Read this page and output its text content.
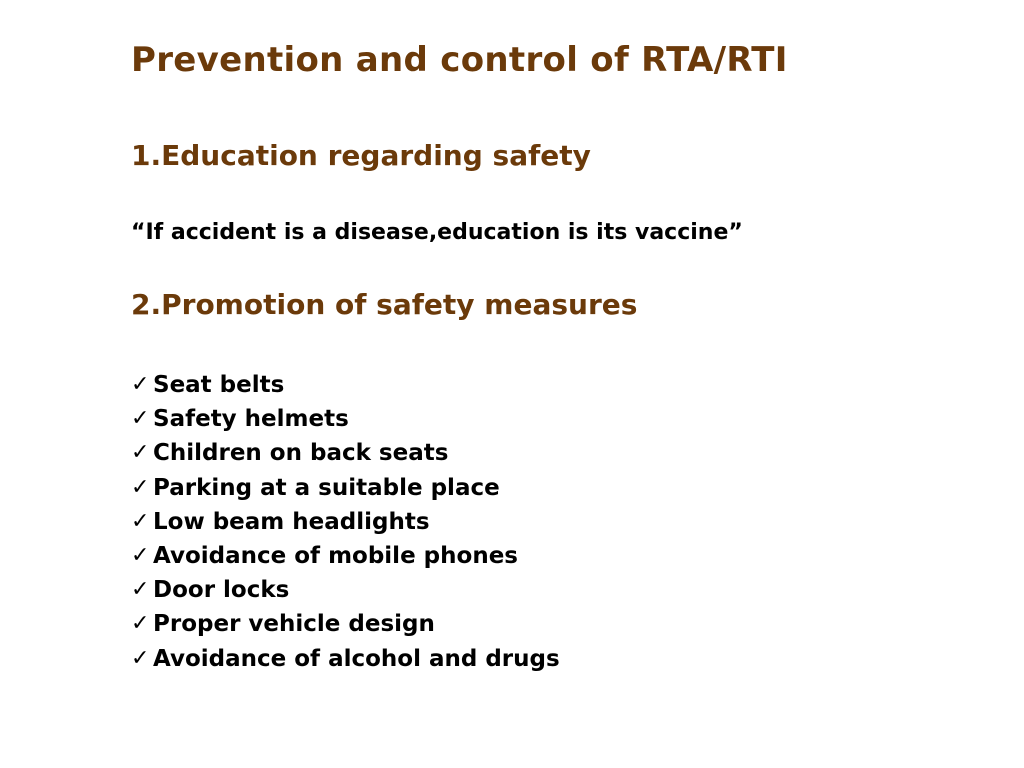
Prevention and control of RTA/RTI
1.Education regarding safety

“If accident is a disease,education is its vaccine”

2.Promotion of safety measures
✓ Seat belts
✓ Safety helmets
✓ Children on back seats
✓ Parking at a suitable place
✓ Low beam headlights
✓ Avoidance of mobile phones
✓ Door locks
✓ Proper vehicle design
✓ Avoidance of alcohol and drugs
